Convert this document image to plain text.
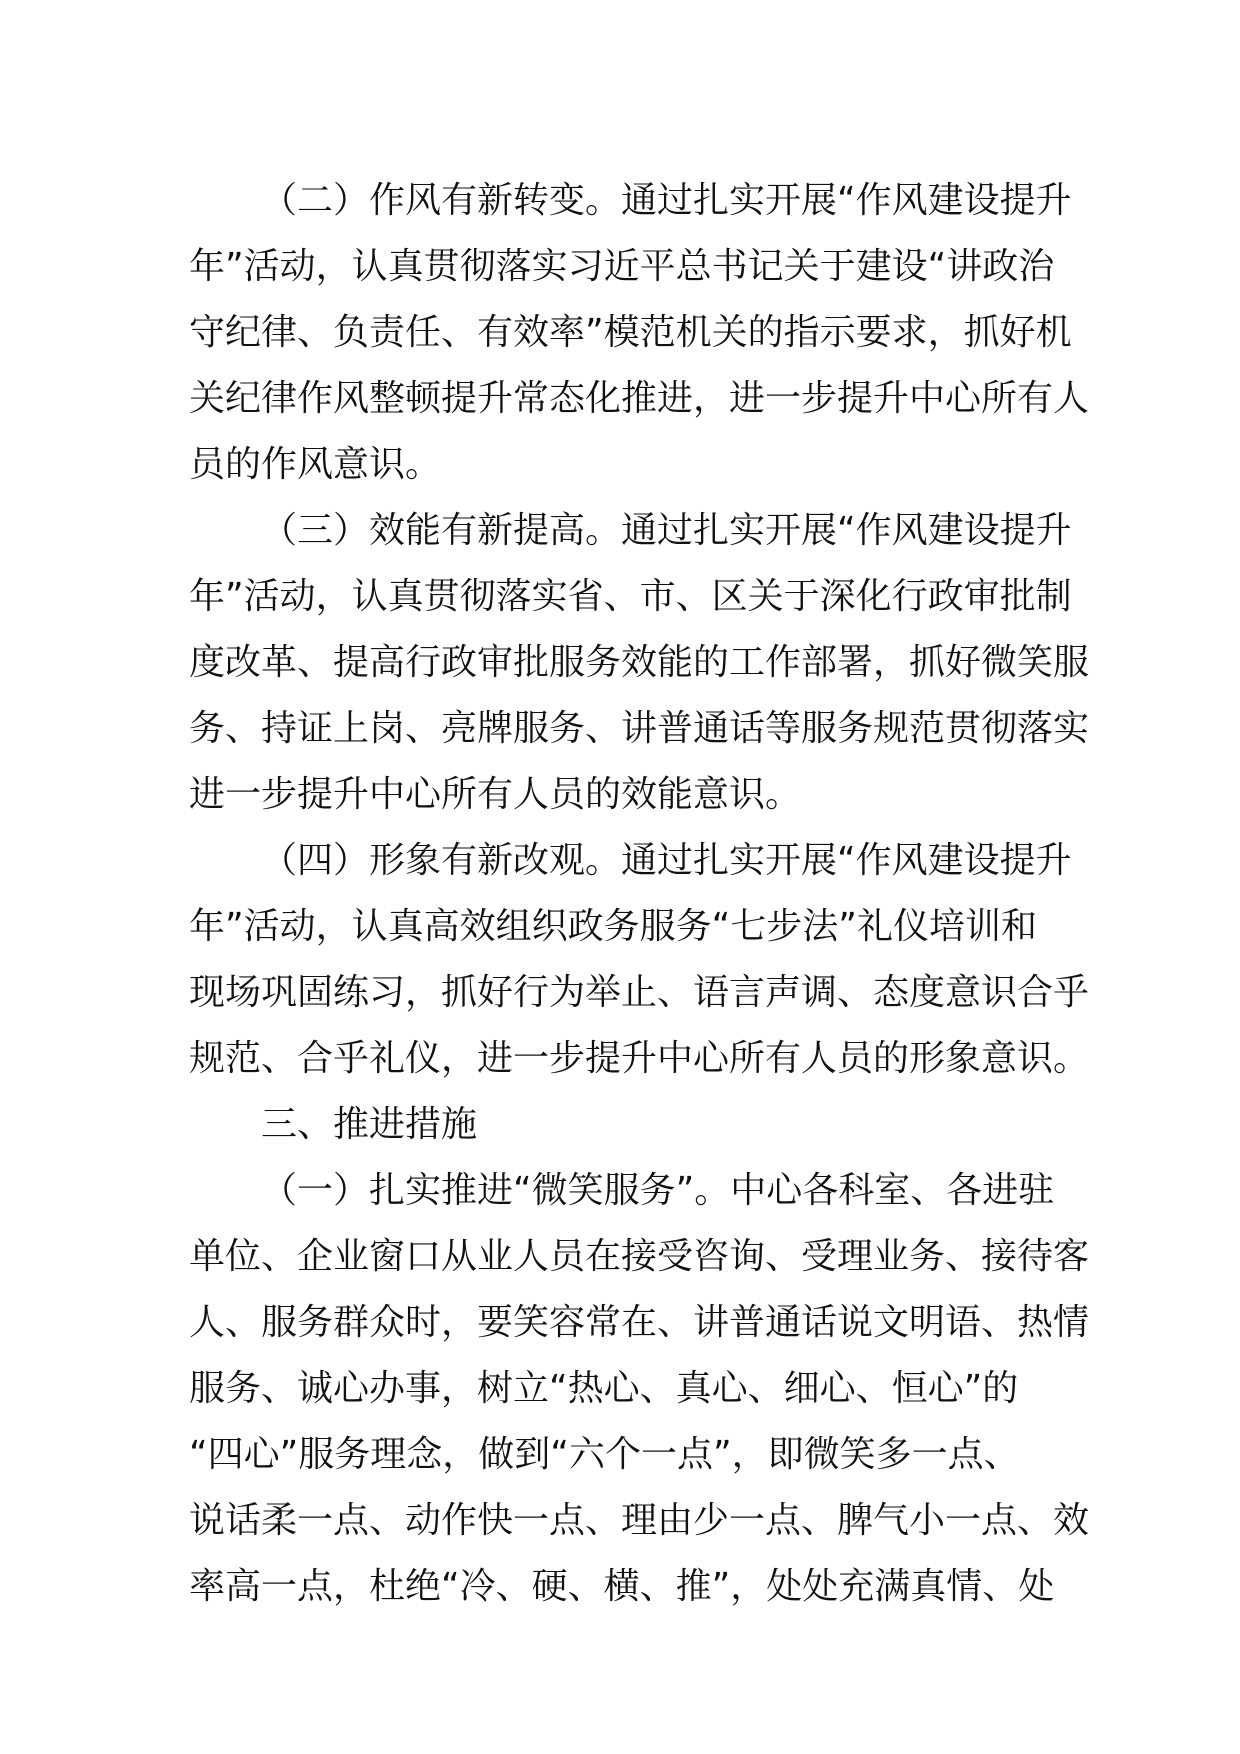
（二）作风有新转变。通过扎实开展“作风建设提升
年”活动，认真贯彻落实习近平总书记关于建设“讲政治
守纪律、负责任、有效率”模范机关的指示要求，抓好机
关纪律作风整顿提升常态化推进，进一步提升中心所有人
员的作风意识。
（三）效能有新提高。通过扎实开展“作风建设提升
年”活动，认真贯彻落实省、市、区关于深化行政审批制
度改革、提高行政审批服务效能的工作部署，抓好微笑服
务、持证上岗、亮牌服务、讲普通话等服务规范贯彻落实
进一步提升中心所有人员的效能意识。
（四）形象有新改观。通过扎实开展“作风建设提升
年”活动，认真高效组织政务服务“七步法”礼仪培训和
现场巩固练习，抓好行为举止、语言声调、态度意识合乎
规范、合乎礼仪，进一步提升中心所有人员的形象意识。
三、推进措施
（一）扎实推进“微笑服务”。中心各科室、各进驻
单位、企业窗口从业人员在接受咨询、受理业务、接待客
人、服务群众时，要笑容常在、讲普通话说文明语、热情
服务、诚心办事，树立“热心、真心、细心、恒心”的
“四心”服务理念，做到“六个一点”，即微笑多一点、
说话柔一点、动作快一点、理由少一点、脾气小一点、效
率高一点，杜绝“冷、硬、横、推”，处处充满真情、处
